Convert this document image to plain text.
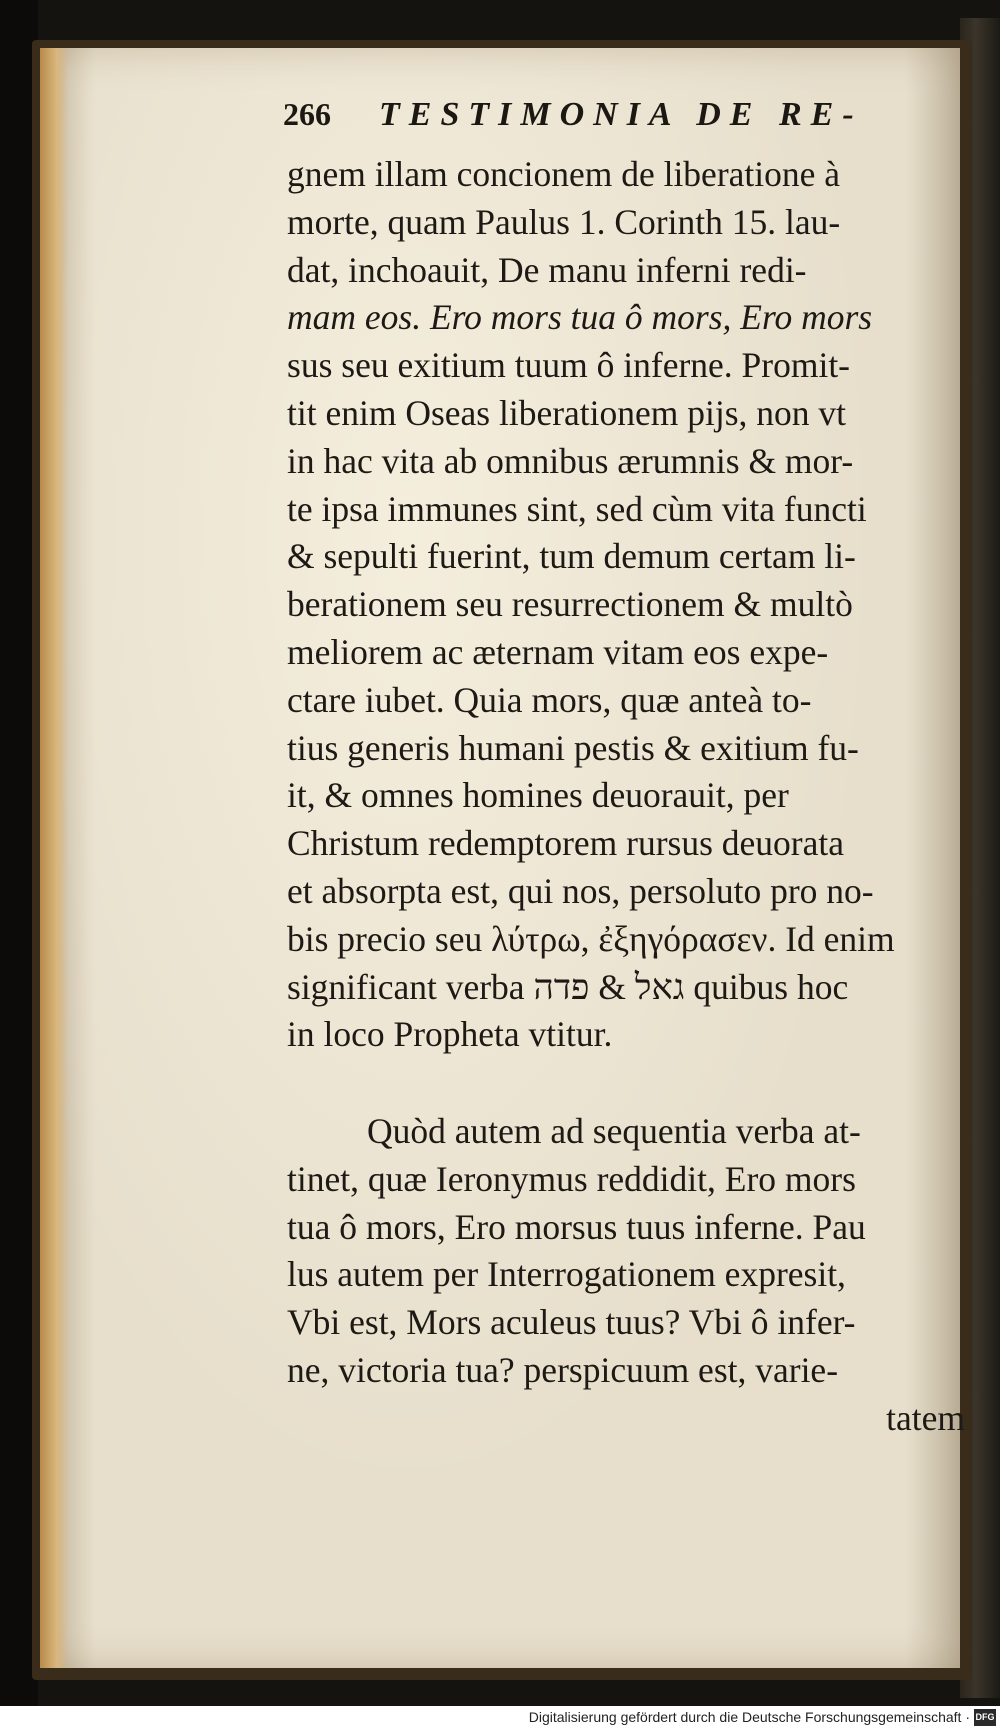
266 TESTIMONIA DE RE-
gnem illam concionem de liberatione à
morte, quam Paulus 1. Corinth 15. lau-
dat, inchoauit, De manu inferni redi-
mam eos. Ero mors tua ô mors, Ero mors
sus seu exitium tuum ô inferne. Promit-
tit enim Oseas liberationem pijs, non vt
in hac vita ab omnibus ærumnis & mor-
te ipsa immunes sint, sed cùm vita functi
& sepulti fuerint, tum demum certam li-
berationem seu resurrectionem & multò
meliorem ac æternam vitam eos expe-
ctare iubet. Quia mors, quæ anteà to-
tius generis humani pestis & exitium fu-
it, & omnes homines deuorauit, per
Christum redemptorem rursus deuorata
et absorpta est, qui nos, persoluto pro no-
bis precio seu λύτρω, ἐξηγόρασεν. Id enim
significant verba גאל & פדה quibus hoc
in loco Propheta vtitur.
Quòd autem ad sequentia verba at-
tinet, quæ Ieronymus reddidit, Ero mors
tua ô mors, Ero morsus tuus inferne. Pau
lus autem per Interrogationem expresit,
Vbi est, Mors aculeus tuus? Vbi ô infer-
ne, victoria tua? perspicuum est, varie-
tatem
Digitalisierung gefördert durch die Deutsche Forschungsgemeinschaft · DFG
